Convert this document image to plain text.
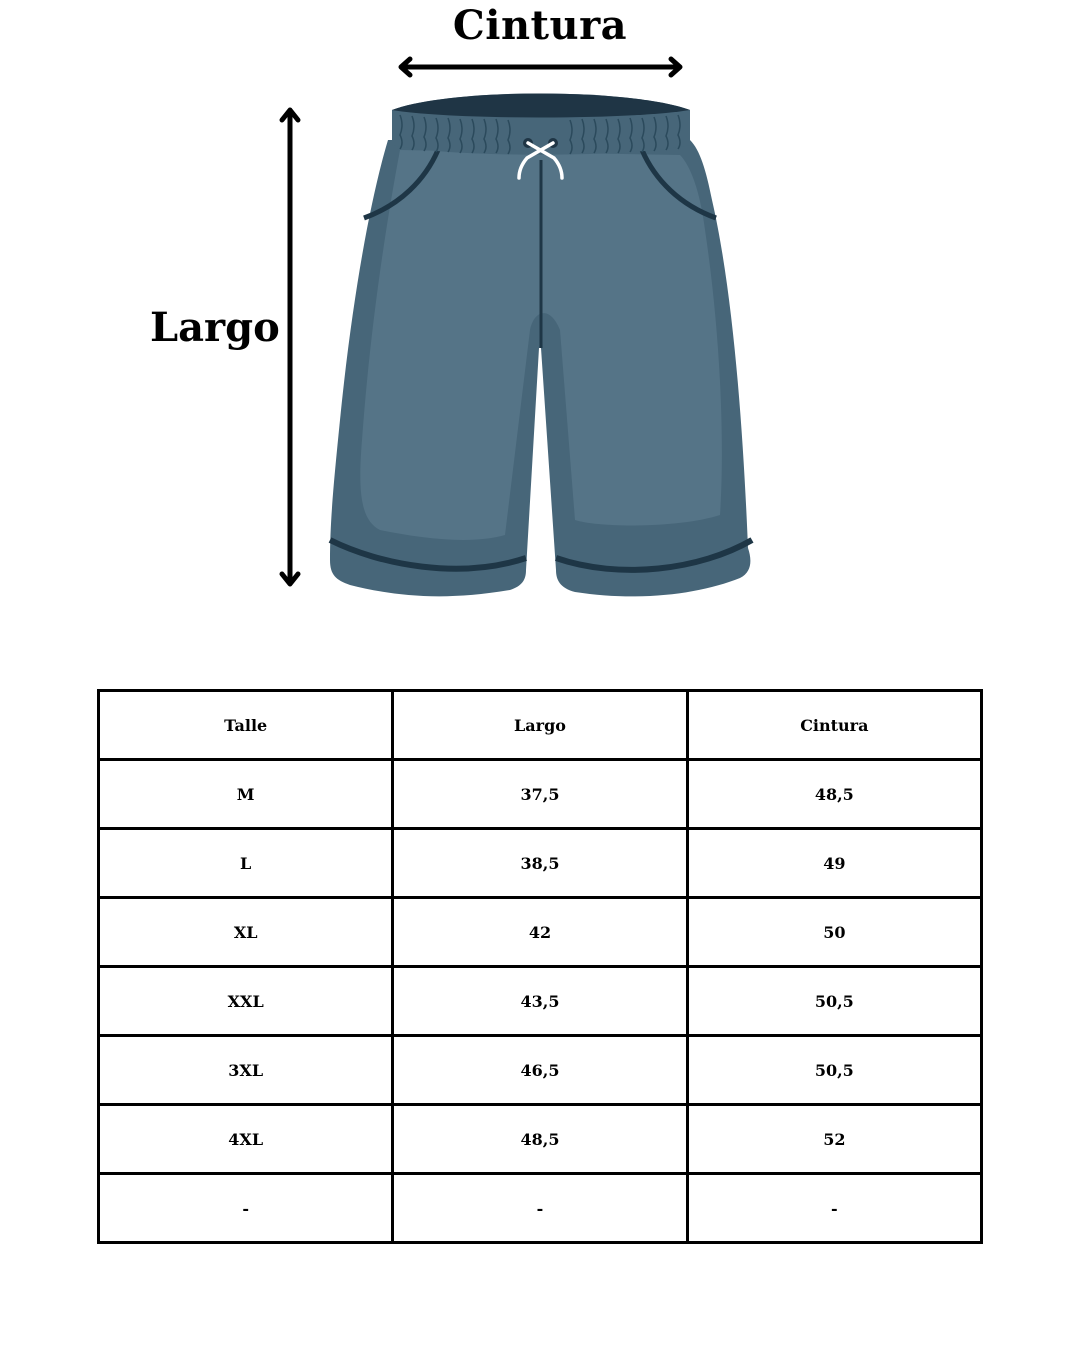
Cintura
Largo
Talle	Largo	Cintura
M	37,5	48,5
L	38,5	49
XL	42	50
XXL	43,5	50,5
3XL	46,5	50,5
4XL	48,5	52
-	-	-
